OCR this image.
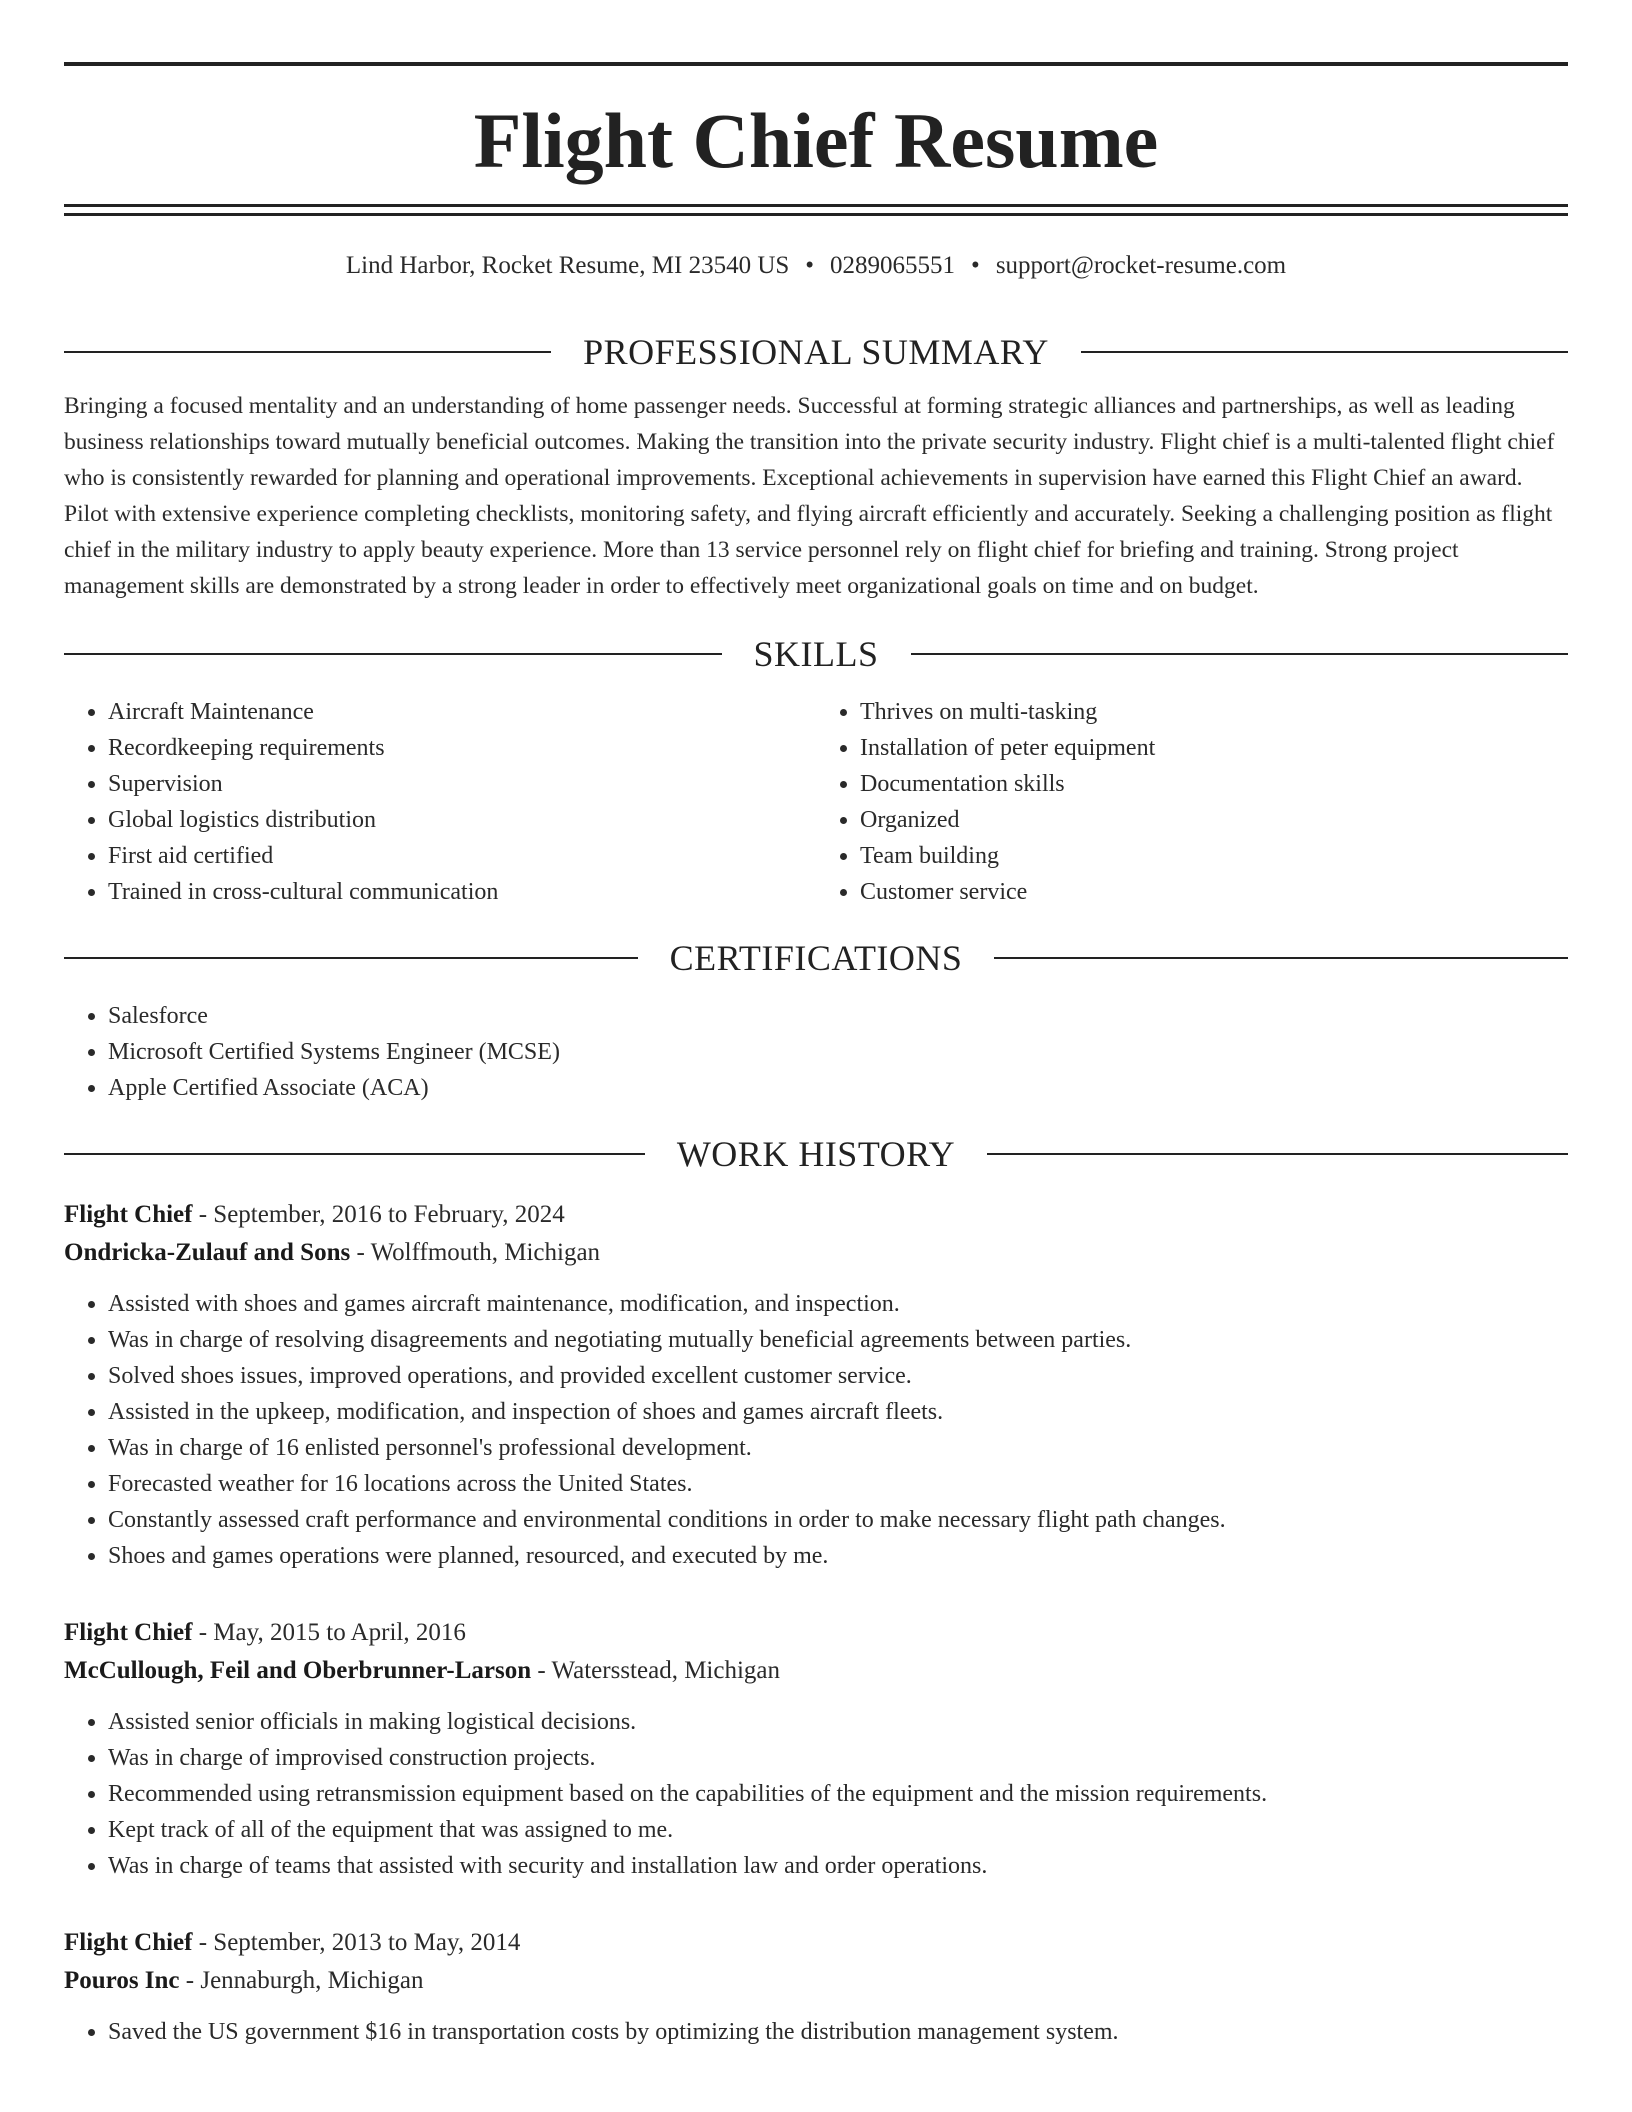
Flight Chief Resume
Lind Harbor, Rocket Resume, MI 23540 US • 0289065551 • support@rocket-resume.com
PROFESSIONAL SUMMARY

Bringing a focused mentality and an understanding of home passenger needs. Successful at forming strategic alliances and partnerships, as well as leading business relationships toward mutually beneficial outcomes. Making the transition into the private security industry. Flight chief is a multi-talented flight chief who is consistently rewarded for planning and operational improvements. Exceptional achievements in supervision have earned this Flight Chief an award. Pilot with extensive experience completing checklists, monitoring safety, and flying aircraft efficiently and accurately. Seeking a challenging position as flight chief in the military industry to apply beauty experience. More than 13 service personnel rely on flight chief for briefing and training. Strong project management skills are demonstrated by a strong leader in order to effectively meet organizational goals on time and on budget.

SKILLS
• Aircraft Maintenance
• Recordkeeping requirements
• Supervision
• Global logistics distribution
• First aid certified
• Trained in cross-cultural communication
• Thrives on multi-tasking
• Installation of peter equipment
• Documentation skills
• Organized
• Team building
• Customer service
CERTIFICATIONS
• Salesforce
• Microsoft Certified Systems Engineer (MCSE)
• Apple Certified Associate (ACA)
WORK HISTORY
Flight Chief - September, 2016 to February, 2024
Ondricka-Zulauf and Sons - Wolffmouth, Michigan
• Assisted with shoes and games aircraft maintenance, modification, and inspection.
• Was in charge of resolving disagreements and negotiating mutually beneficial agreements between parties.
• Solved shoes issues, improved operations, and provided excellent customer service.
• Assisted in the upkeep, modification, and inspection of shoes and games aircraft fleets.
• Was in charge of 16 enlisted personnel's professional development.
• Forecasted weather for 16 locations across the United States.
• Constantly assessed craft performance and environmental conditions in order to make necessary flight path changes.
• Shoes and games operations were planned, resourced, and executed by me.
Flight Chief - May, 2015 to April, 2016
McCullough, Feil and Oberbrunner-Larson - Watersstead, Michigan
• Assisted senior officials in making logistical decisions.
• Was in charge of improvised construction projects.
• Recommended using retransmission equipment based on the capabilities of the equipment and the mission requirements.
• Kept track of all of the equipment that was assigned to me.
• Was in charge of teams that assisted with security and installation law and order operations.
Flight Chief - September, 2013 to May, 2014
Pouros Inc - Jennaburgh, Michigan
• Saved the US government $16 in transportation costs by optimizing the distribution management system.
